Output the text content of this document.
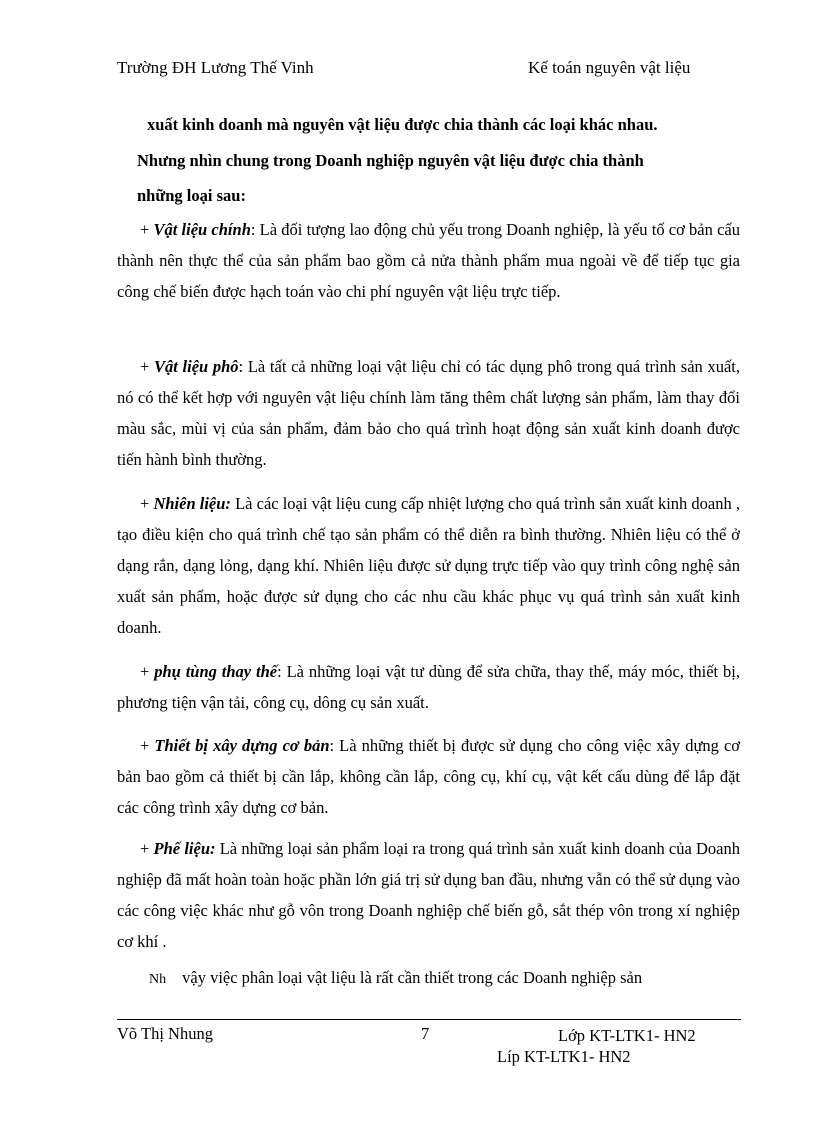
Trường ĐH Lương Thế Vinh	Kế toán nguyên vật liệu
xuất kinh doanh mà nguyên vật liệu được chia thành các loại khác nhau.
Nhưng nhìn chung trong Doanh nghiệp nguyên vật liệu được chia thành
những loại sau:
+ Vật liệu chính: Là đối tượng lao động chủ yếu trong Doanh nghiệp, là yếu tố cơ bản cấu thành nên thực thể của sản phẩm bao gồm cả nửa thành phẩm mua ngoài về để tiếp tục gia công chế biến được hạch toán vào chi phí nguyên vật liệu trực tiếp.
+ Vật liệu phô: Là tất cả những loại vật liệu chỉ có tác dụng phô trong quá trình sản xuất, nó có thể kết hợp với nguyên vật liệu chính làm tăng thêm chất lượng sản phẩm, làm thay đổi màu sắc, mùi vị của sản phẩm, đảm bảo cho quá trình hoạt động sản xuất kinh doanh được tiến hành bình thường.
+ Nhiên liệu: Là các loại vật liệu cung cấp nhiệt lượng cho quá trình sản xuất kinh doanh , tạo điều kiện cho quá trình chế tạo sản phẩm có thể diễn ra bình thường. Nhiên liệu có thể ở dạng rắn, dạng lỏng, dạng khí. Nhiên liệu được sử dụng trực tiếp vào quy trình công nghệ sản xuất sản phẩm, hoặc được sử dụng cho các nhu cầu khác phục vụ quá trình sản xuất kinh doanh.
+ phụ tùng thay thế: Là những loại vật tư dùng để sửa chữa, thay thế, máy móc, thiết bị, phương tiện vận tải, công cụ, dông cụ sản xuất.
+ Thiết bị xây dựng cơ bản: Là những thiết bị được sử dụng cho công việc xây dựng cơ bản bao gồm cả thiết bị cần lắp, không cần lắp, công cụ, khí cụ, vật kết cấu dùng để lắp đặt các công trình xây dựng cơ bản.
+ Phế liệu: Là những loại sản phẩm loại ra trong quá trình sản xuất kinh doanh của Doanh nghiệp đã mất hoàn toàn hoặc phần lớn giá trị sử dụng ban đầu, nhưng vẫn có thể sử dụng vào các công việc khác như gỗ vôn trong Doanh nghiệp chế biến gỗ, sắt thép vôn trong xí nghiệp cơ khí .
Nh vậy việc phân loại vật liệu là rất cần thiết trong các Doanh nghiệp sản
Võ Thị Nhung	7	Lớp KT-LTK1- HN2
Líp KT-LTK1- HN2
